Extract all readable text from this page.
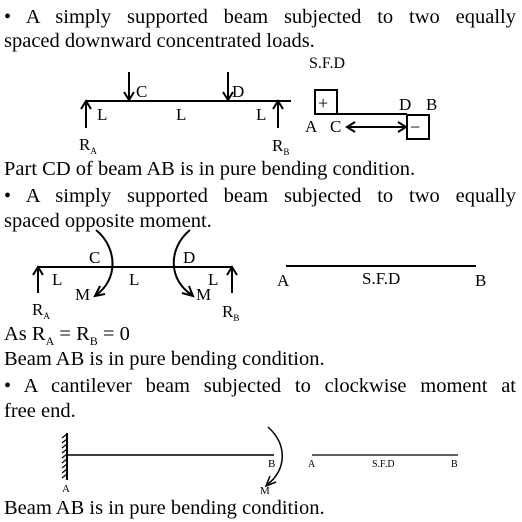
• A simply supported beam subjected to two equally

spaced downward concentrated loads.

C	D
L	L	L
$R_A$	$R_B$
S.F.D
+
−
A C
D B

Part CD of beam AB is in pure bending condition.

• A simply supported beam subjected to two equally

spaced opposite moment.

C	D
L	L	L
M	M
$R_A$	$R_B$
A	S.F.D	B

As $R_A = R_B = 0$

Beam AB is in pure bending condition.

• A cantilever beam subjected to clockwise moment at

free end.

A
B
M
A	S.F.D	B

Beam AB is in pure bending condition.
